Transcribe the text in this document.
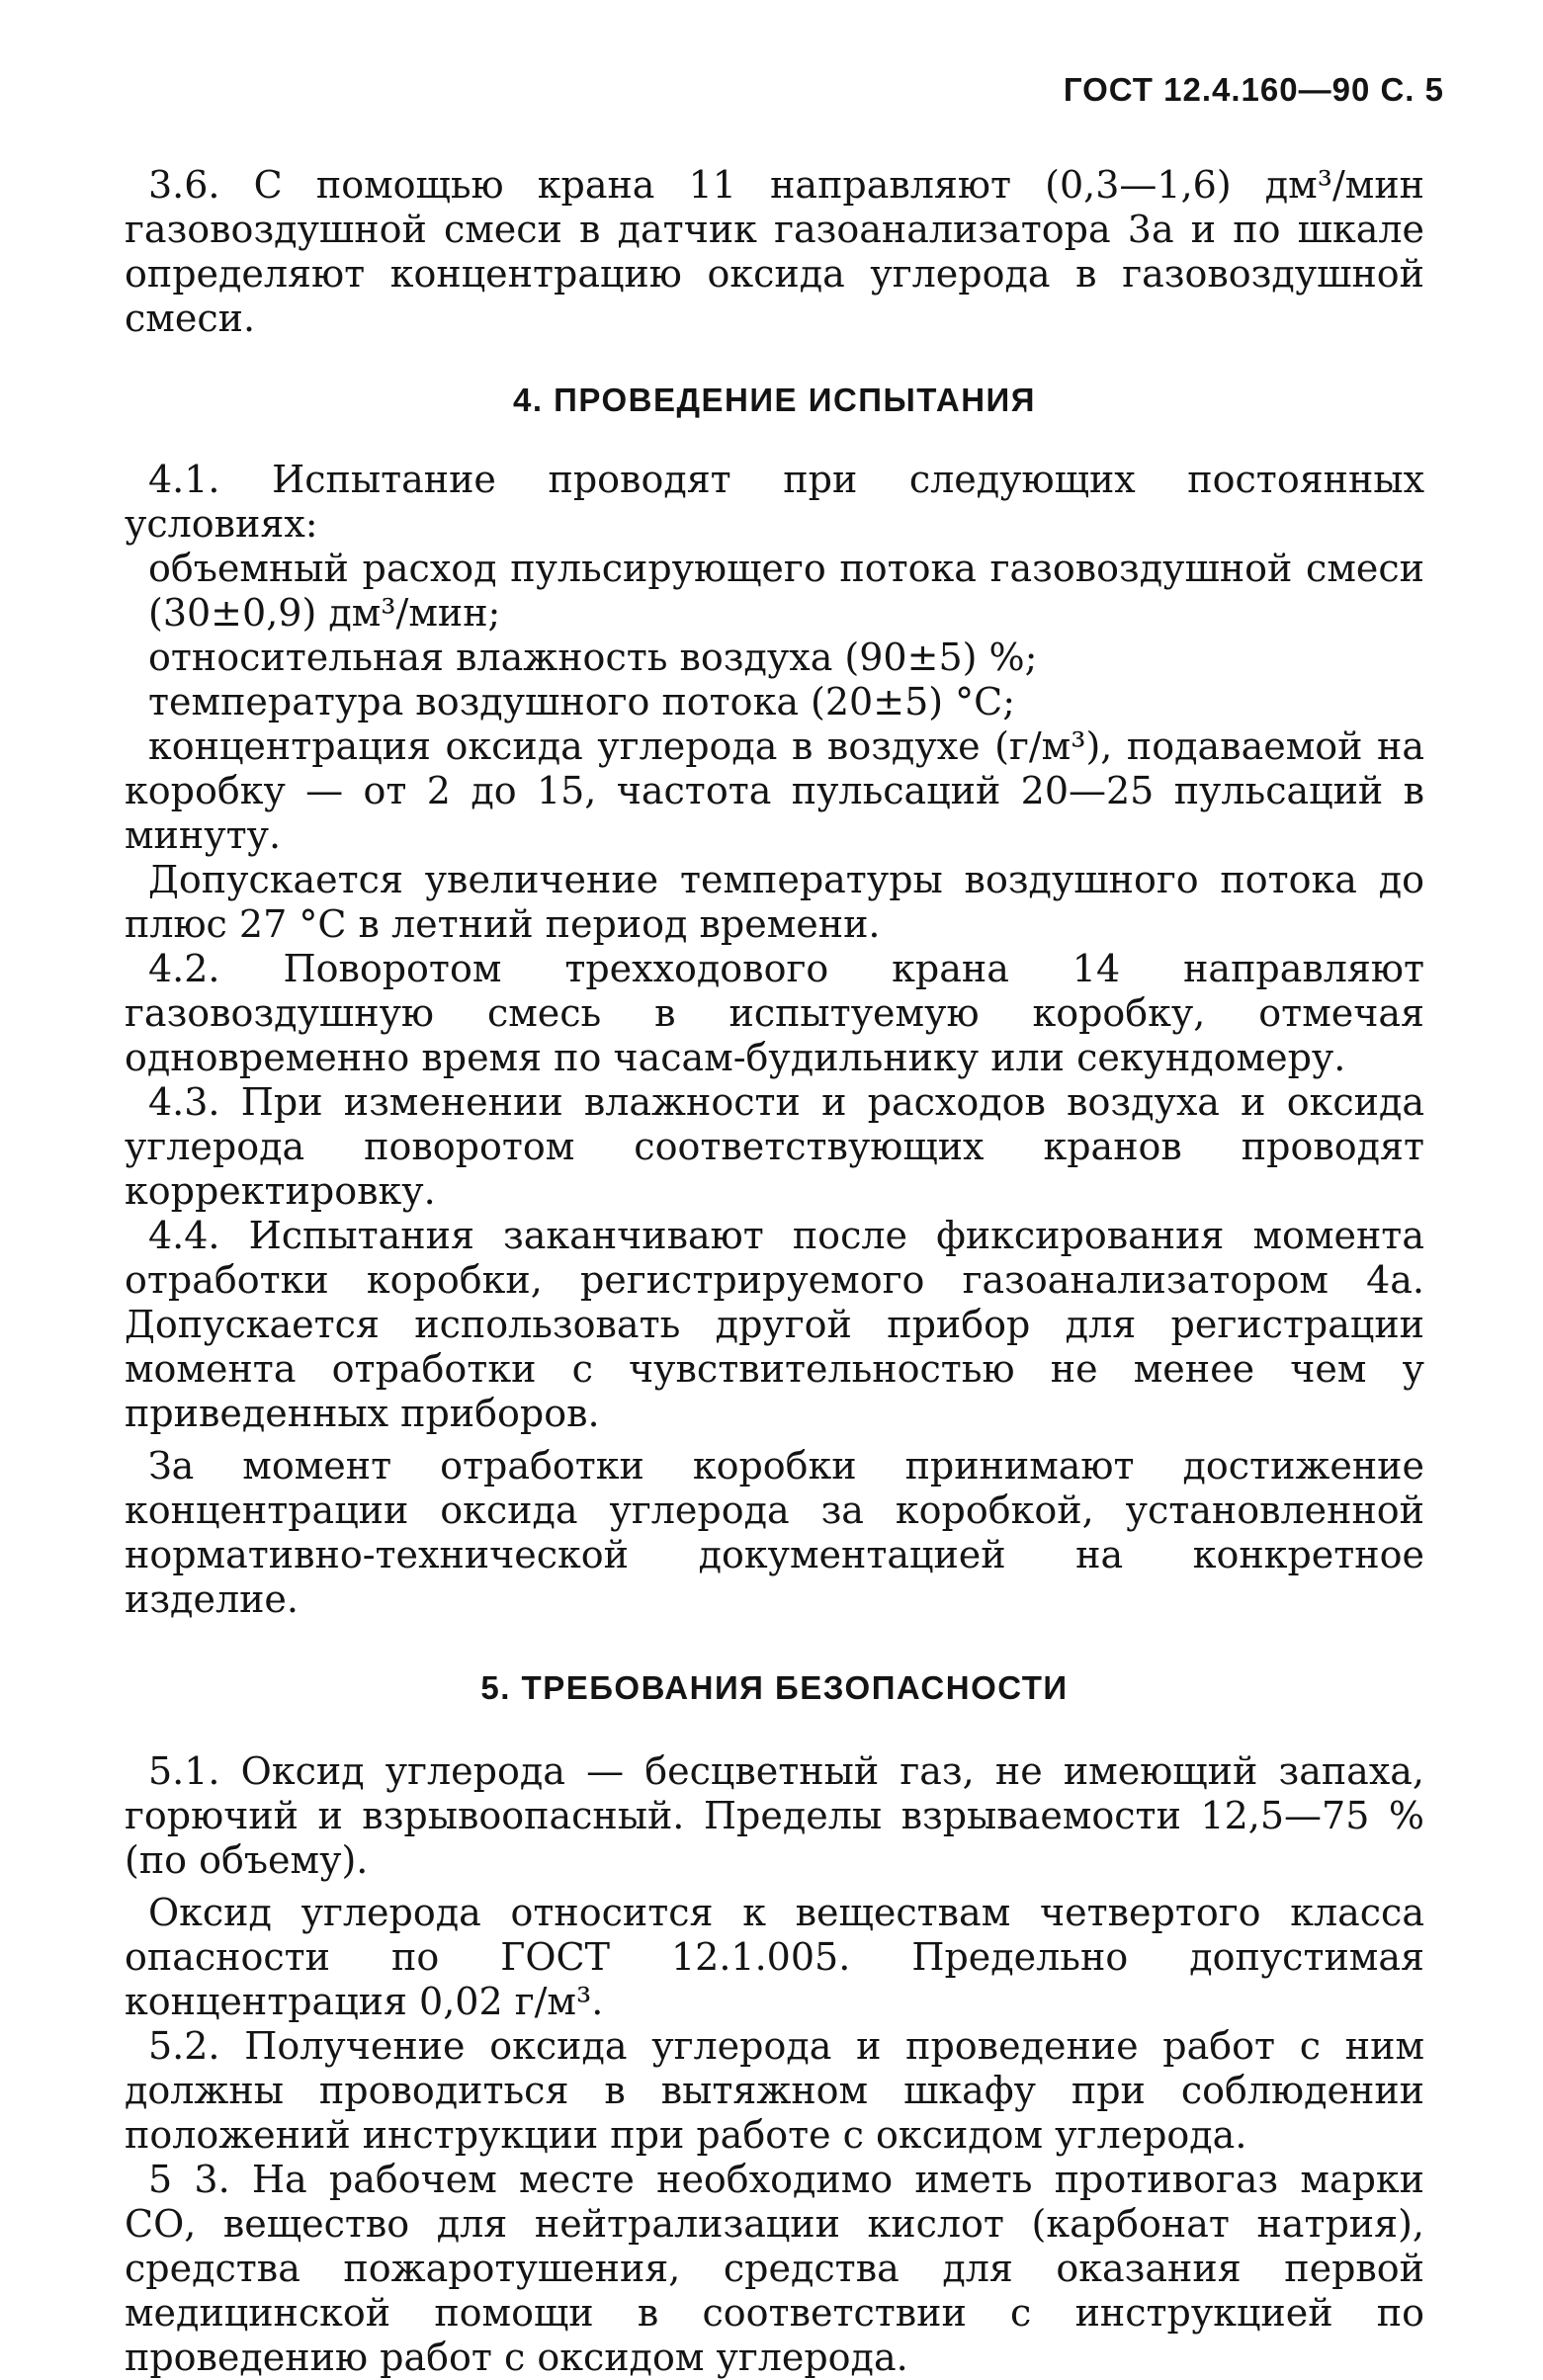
ГОСТ 12.4.160—90 С. 5

3.6. С помощью крана 11 направляют (0,3—1,6) дм³/мин газовоздушной смеси в датчик газоанализатора 3а и по шкале определяют концентрацию оксида углерода в газовоздушной смеси.

4. ПРОВЕДЕНИЕ ИСПЫТАНИЯ

4.1. Испытание проводят при следующих постоянных условиях:

объемный расход пульсирующего потока газовоздушной смеси (30±0,9) дм³/мин;

относительная влажность воздуха (90±5) %;

температура воздушного потока (20±5) °С;

концентрация оксида углерода в воздухе (г/м³), подаваемой на коробку — от 2 до 15, частота пульсаций 20—25 пульсаций в минуту.

Допускается увеличение температуры воздушного потока до плюс 27 °С в летний период времени.

4.2. Поворотом трехходового крана 14 направляют газовоздушную смесь в испытуемую коробку, отмечая одновременно время по часам-будильнику или секундомеру.

4.3. При изменении влажности и расходов воздуха и оксида углерода поворотом соответствующих кранов проводят корректировку.

4.4. Испытания заканчивают после фиксирования момента отработки коробки, регистрируемого газоанализатором 4а. Допускается использовать другой прибор для регистрации момента отработки с чувствительностью не менее чем у приведенных приборов.

За момент отработки коробки принимают достижение концентрации оксида углерода за коробкой, установленной нормативно-технической документацией на конкретное изделие.

5. ТРЕБОВАНИЯ БЕЗОПАСНОСТИ

5.1. Оксид углерода — бесцветный газ, не имеющий запаха, горючий и взрывоопасный. Пределы взрываемости 12,5—75 % (по объему).

Оксид углерода относится к веществам четвертого класса опасности по ГОСТ 12.1.005. Предельно допустимая концентрация 0,02 г/м³.

5.2. Получение оксида углерода и проведение работ с ним должны проводиться в вытяжном шкафу при соблюдении положений инструкции при работе с оксидом углерода.

5 3. На рабочем месте необходимо иметь противогаз марки СО, вещество для нейтрализации кислот (карбонат натрия), средства пожаротушения, средства для оказания первой медицинской помощи в соответствии с инструкцией по проведению работ с оксидом углерода.
